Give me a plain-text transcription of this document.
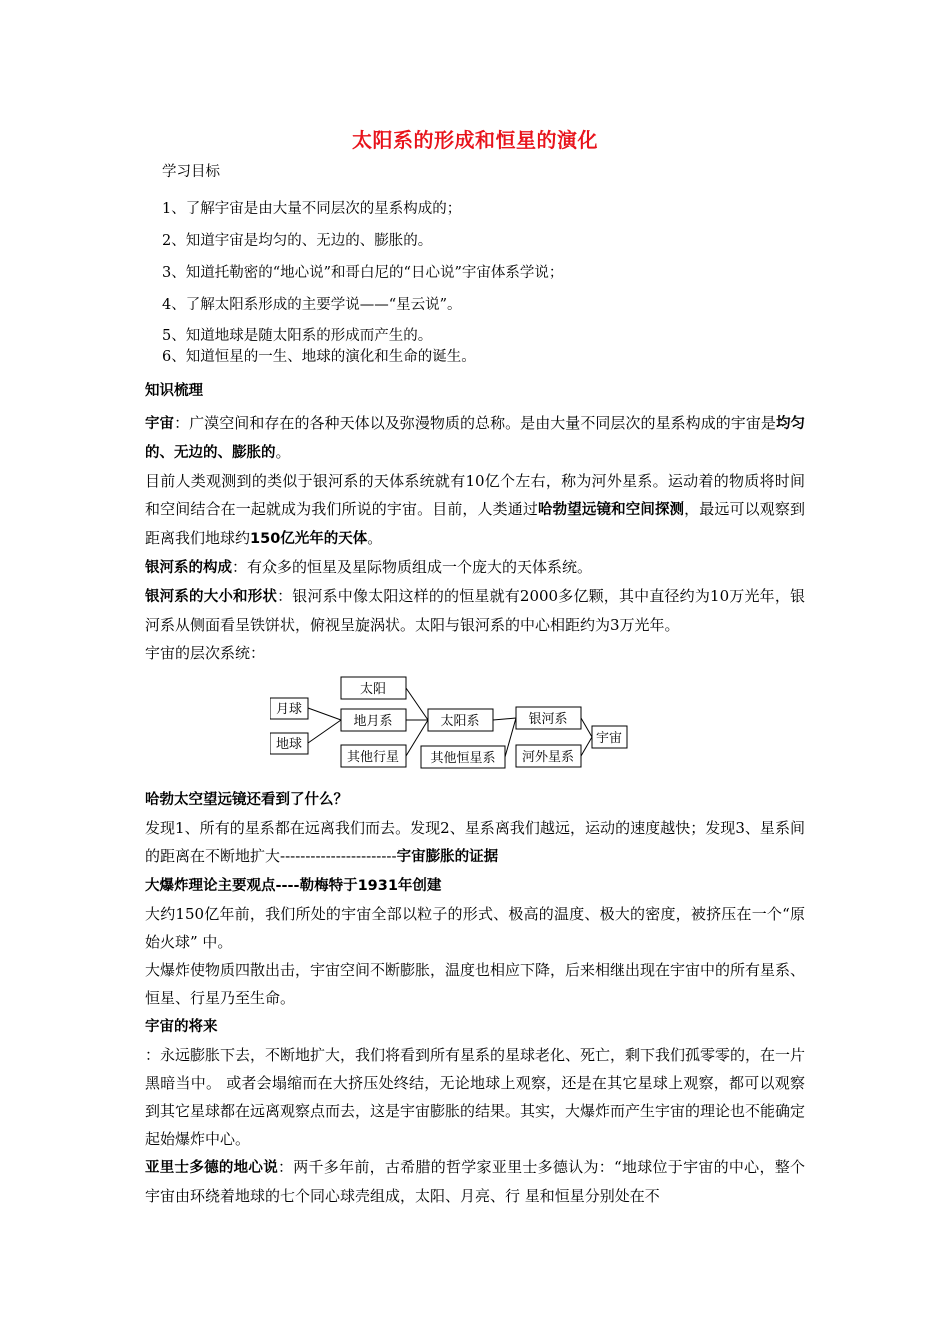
太阳系的形成和恒星的演化
学习目标
1、了解宇宙是由大量不同层次的星系构成的；
2、知道宇宙是均匀的、无边的、膨胀的。
3、知道托勒密的“地心说”和哥白尼的“日心说”宇宙体系学说；
4、了解太阳系形成的主要学说——“星云说”。
5、知道地球是随太阳系的形成而产生的。
6、知道恒星的一生、地球的演化和生命的诞生。

知识梳理

宇宙：广漠空间和存在的各种天体以及弥漫物质的总称。是由大量不同层次的星系构成的宇宙是均匀的、无边的、膨胀的。

目前人类观测到的类似于银河系的天体系统就有10亿个左右，称为河外星系。运动着的物质将时间和空间结合在一起就成为我们所说的宇宙。目前，人类通过哈勃望远镜和空间探测，最远可以观察到距离我们地球约150亿光年的天体。

银河系的构成：有众多的恒星及星际物质组成一个庞大的天体系统。

银河系的大小和形状：银河系中像太阳这样的的恒星就有2000多亿颗，其中直径约为10万光年，银河系从侧面看呈铁饼状，俯视呈旋涡状。太阳与银河系的中心相距约为3万光年。

宇宙的层次系统：

月球
地球
太阳
地月系
其他行星
太阳系
其他恒星系
银河系
河外星系
宇宙

哈勃太空望远镜还看到了什么？

发现1、所有的星系都在远离我们而去。发现2、星系离我们越远，运动的速度越快；发现3、星系间的距离在不断地扩大-----------------------宇宙膨胀的证据

大爆炸理论主要观点----勒梅特于1931年创建

大约150亿年前，我们所处的宇宙全部以粒子的形式、极高的温度、极大的密度，被挤压在一个“原始火球” 中。

大爆炸使物质四散出击，宇宙空间不断膨胀，温度也相应下降，后来相继出现在宇宙中的所有星系、恒星、行星乃至生命。

宇宙的将来

：永远膨胀下去，不断地扩大，我们将看到所有星系的星球老化、死亡，剩下我们孤零零的，在一片黑暗当中。 或者会塌缩而在大挤压处终结，无论地球上观察，还是在其它星球上观察，都可以观察到其它星球都在远离观察点而去，这是宇宙膨胀的结果。其实，大爆炸而产生宇宙的理论也不能确定起始爆炸中心。

亚里士多德的地心说：两千多年前，古希腊的哲学家亚里士多德认为：“地球位于宇宙的中心，整个宇宙由环绕着地球的七个同心球壳组成，太阳、月亮、行 星和恒星分别处在不
